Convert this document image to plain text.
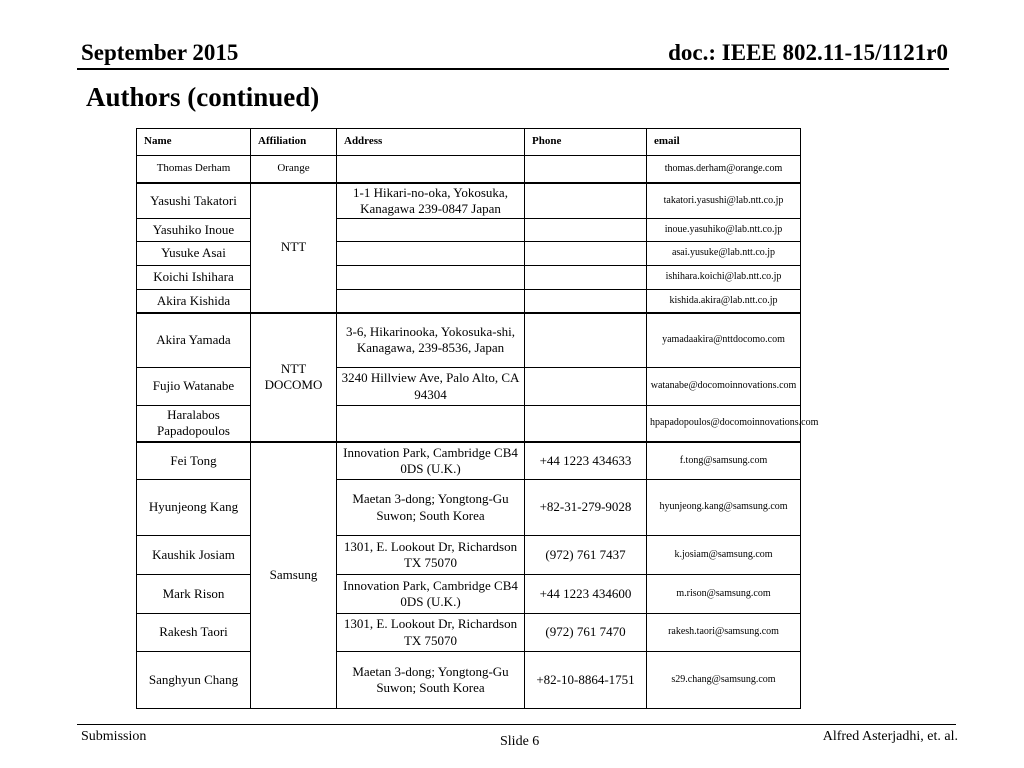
September 2015	doc.: IEEE 802.11-15/1121r0
Authors (continued)
Name	Affiliation	Address	Phone	email
Thomas Derham	Orange			thomas.derham@orange.com
Yasushi Takatori	NTT	1-1 Hikari-no-oka, Yokosuka, Kanagawa 239-0847 Japan		takatori.yasushi@lab.ntt.co.jp
Yasuhiko Inoue				inoue.yasuhiko@lab.ntt.co.jp
Yusuke Asai				asai.yusuke@lab.ntt.co.jp
Koichi Ishihara				ishihara.koichi@lab.ntt.co.jp
Akira Kishida				kishida.akira@lab.ntt.co.jp
Akira Yamada	NTT DOCOMO	3-6, Hikarinooka, Yokosuka-shi, Kanagawa, 239-8536, Japan		yamadaakira@nttdocomo.com
Fujio Watanabe		3240 Hillview Ave, Palo Alto, CA 94304		watanabe@docomoinnovations.com
Haralabos Papadopoulos				hpapadopoulos@docomoinnovations.com
Fei Tong	Samsung	Innovation Park, Cambridge CB4 0DS (U.K.)	+44 1223 434633	f.tong@samsung.com
Hyunjeong Kang		Maetan 3-dong; Yongtong-Gu Suwon; South Korea	+82-31-279-9028	hyunjeong.kang@samsung.com
Kaushik Josiam		1301, E. Lookout Dr, Richardson TX 75070	(972) 761 7437	k.josiam@samsung.com
Mark Rison		Innovation Park, Cambridge CB4 0DS (U.K.)	+44 1223 434600	m.rison@samsung.com
Rakesh Taori		1301, E. Lookout Dr, Richardson TX 75070	(972) 761 7470	rakesh.taori@samsung.com
Sanghyun Chang		Maetan 3-dong; Yongtong-Gu Suwon; South Korea	+82-10-8864-1751	s29.chang@samsung.com
Submission	Slide 6	Alfred Asterjadhi, et. al.
